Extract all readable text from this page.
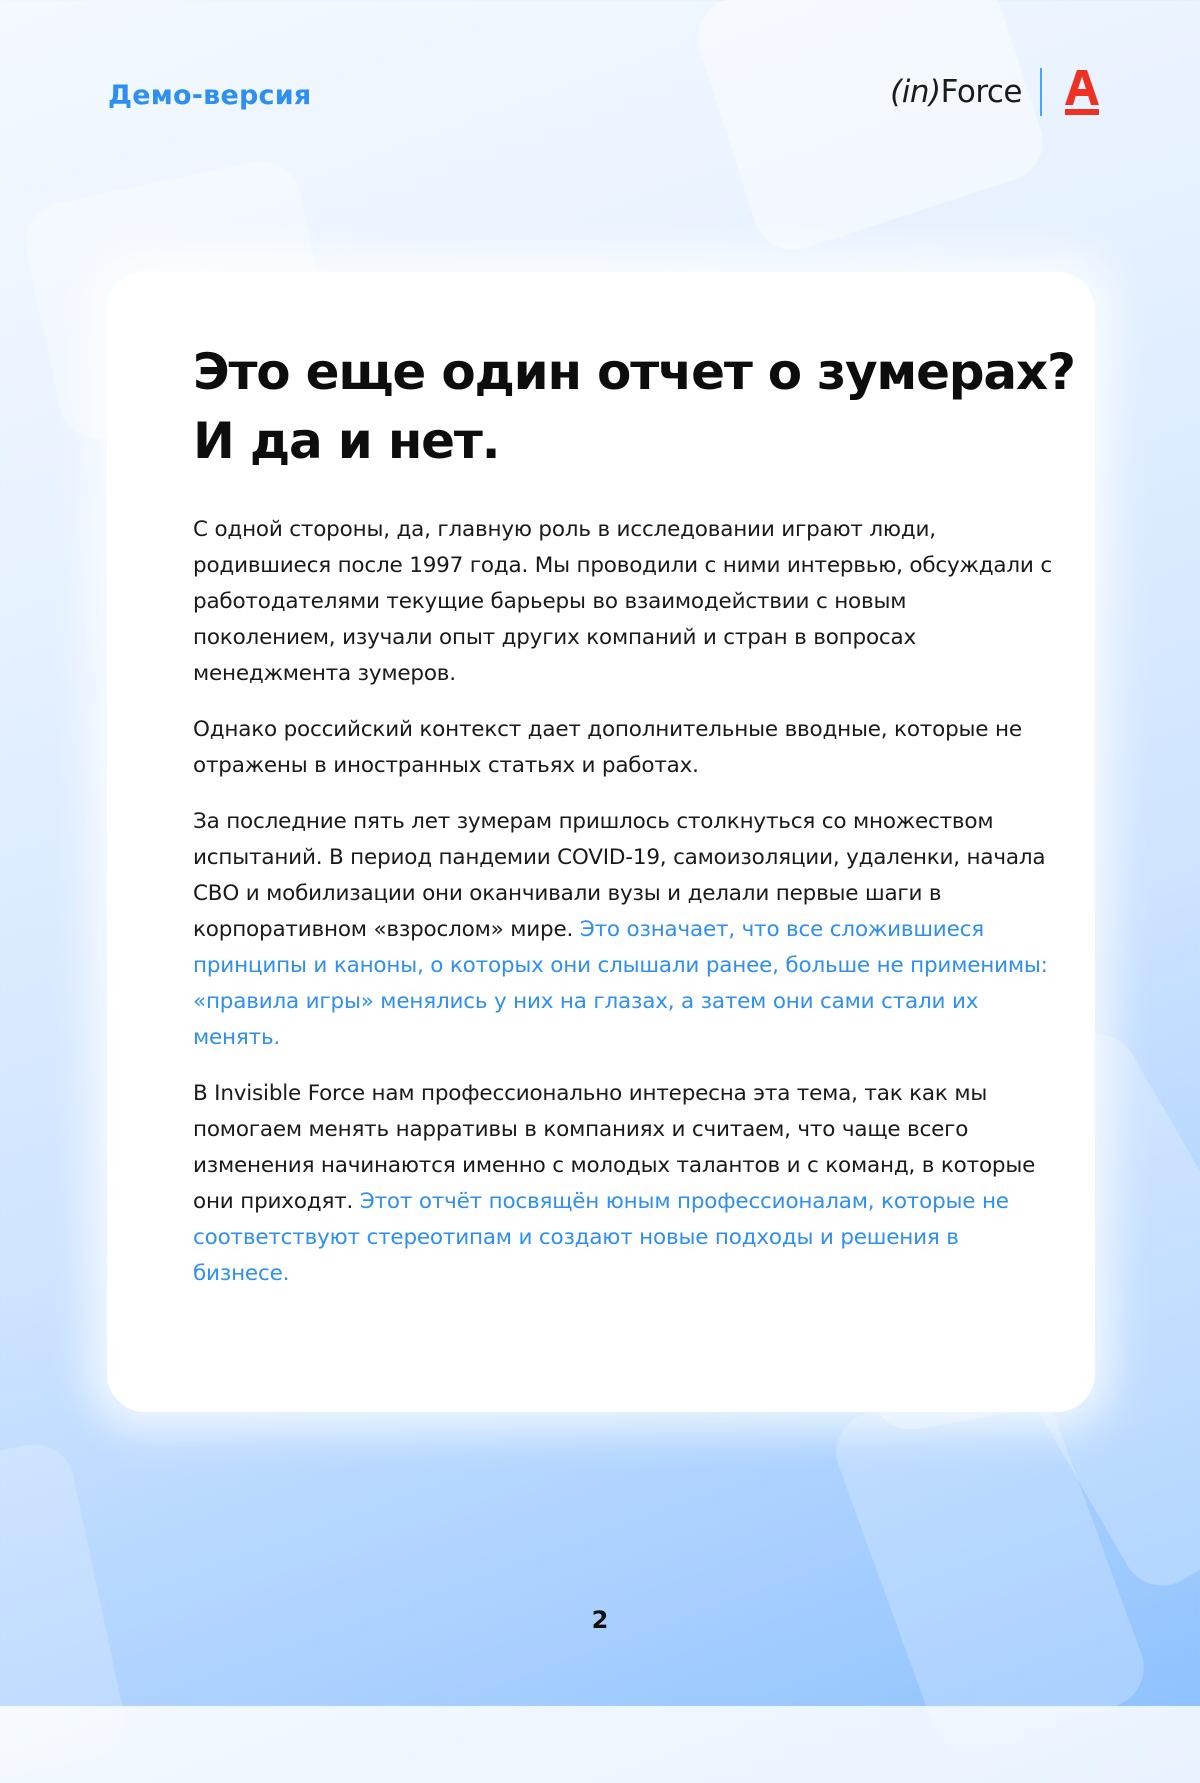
Демо-версия	(in)Force
Это еще один отчет о зумерах?
И да и нет.

С одной стороны, да, главную роль в исследовании играют люди, родившиеся после 1997 года. Мы проводили с ними интервью, обсуждали с работодателями текущие барьеры во взаимодействии с новым поколением, изучали опыт других компаний и стран в вопросах менеджмента зумеров.

Однако российский контекст дает дополнительные вводные, которые не отражены в иностранных статьях и работах.

За последние пять лет зумерам пришлось столкнуться со множеством испытаний. В период пандемии COVID-19, самоизоляции, удаленки, начала СВО и мобилизации они оканчивали вузы и делали первые шаги в корпоративном «взрослом» мире. Это означает, что все сложившиеся принципы и каноны, о которых они слышали ранее, больше не применимы: «правила игры» менялись у них на глазах, а затем они сами стали их менять.

В Invisible Force нам профессионально интересна эта тема, так как мы помогаем менять нарративы в компаниях и считаем, что чаще всего изменения начинаются именно с молодых талантов и с команд, в которые они приходят. Этот отчёт посвящён юным профессионалам, которые не соответствуют стереотипам и создают новые подходы и решения в бизнесе.

2
